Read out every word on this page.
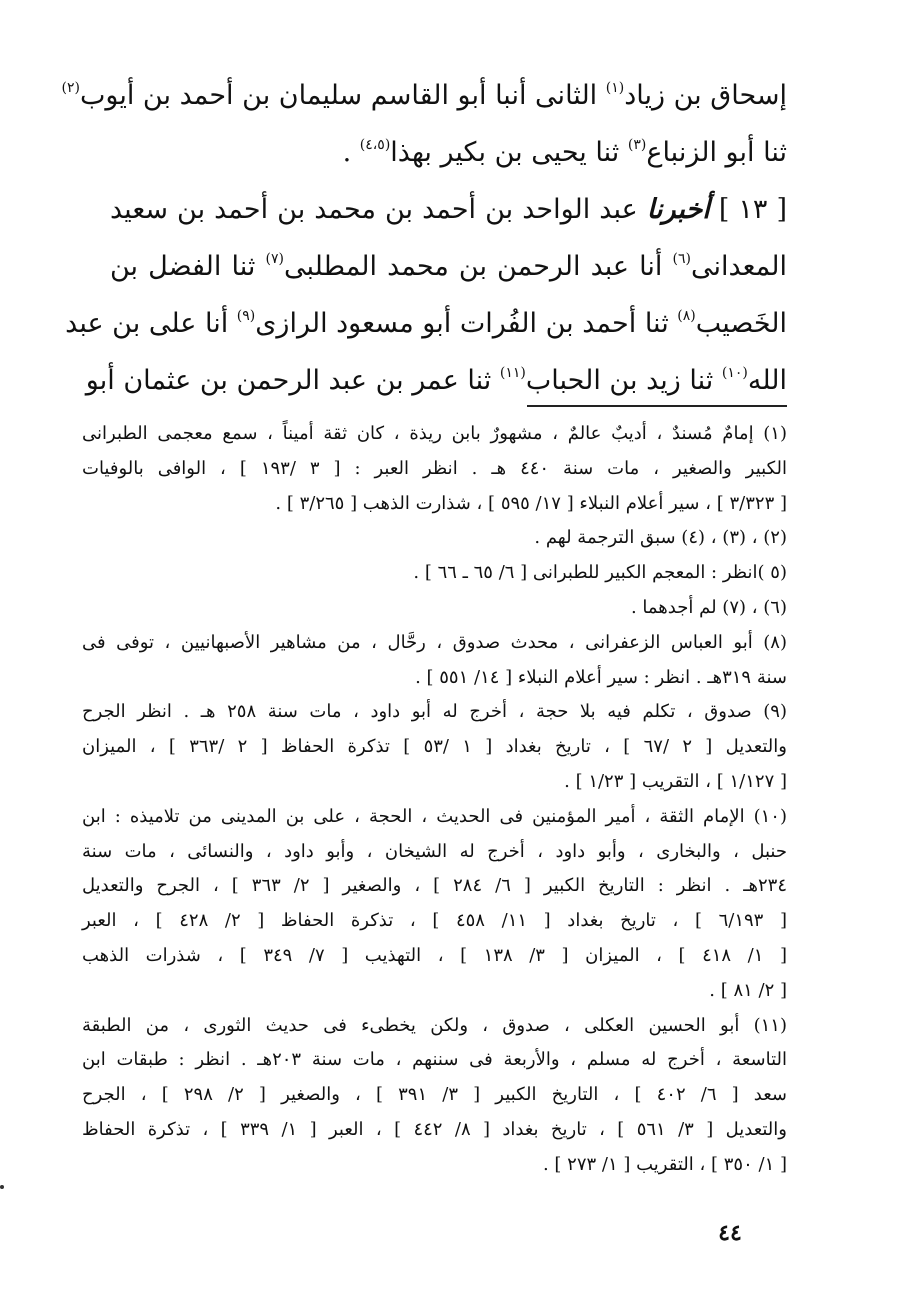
إسحاق بن زياد$^{(١)}$ الثانى أنبا أبو القاسم سليمان بن أحمد بن أيوب$^{(٢)}$
ثنا أبو الزنباع$^{(٣)}$ ثنا يحيى بن بكير بهذا$^{(٤،٥)}$ .
[ ١٣ ] أخبرنا عبد الواحد بن أحمد بن محمد بن أحمد بن سعيد
المعدانى$^{(٦)}$ أنا عبد الرحمن بن محمد المطلبى$^{(٧)}$ ثنا الفضل بن
الخَصيب$^{(٨)}$ ثنا أحمد بن الفُرات أبو مسعود الرازى$^{(٩)}$ أنا على بن عبد
الله$^{(١٠)}$ ثنا زيد بن الحباب$^{(١١)}$ ثنا عمر بن عبد الرحمن بن عثمان أبو
(١) إمامٌ مُسندٌ ، أديبٌ عالمٌ ، مشهورٌ بابن ريذة ، كان ثقة أميناً ، سمع معجمى الطبرانى
الكبير والصغير ، مات سنة ٤٤٠ هـ . انظر العبر : [ ٣ /١٩٣ ] ، الوافى بالوفيات
[ ٣/٣٢٣ ] ، سير أعلام النبلاء [ ١٧/ ٥٩٥ ] ، شذارت الذهب [ ٣/٢٦٥ ] .
(٢) ، (٣) ، (٤) سبق الترجمة لهم .
(٥ )انظر : المعجم الكبير للطبرانى [ ٦/ ٦٥ ـ ٦٦ ] .
(٦) ، (٧) لم أجدهما .
(٨) أبو العباس الزعفرانى ، محدث صدوق ، رحَّال ، من مشاهير الأصبهانيين ، توفى فى
سنة ٣١٩هـ . انظر : سير أعلام النبلاء [ ١٤/ ٥٥١ ] .
(٩) صدوق ، تكلم فيه بلا حجة ، أخرج له أبو داود ، مات سنة ٢٥٨ هـ . انظر الجرح
والتعديل [ ٢ /٦٧ ] ، تاريخ بغداد [ ١ /٥٣ ] تذكرة الحفاظ [ ٢ /٣٦٣ ] ، الميزان
[ ١/١٢٧ ] ، التقريب [ ١/٢٣ ] .
(١٠) الإمام الثقة ، أمير المؤمنين فى الحديث ، الحجة ، على بن المدينى من تلاميذه : ابن
حنبل ، والبخارى ، وأبو داود ، أخرج له الشيخان ، وأبو داود ، والنسائى ، مات سنة
٢٣٤هـ . انظر : التاريخ الكبير [ ٦/ ٢٨٤ ] ، والصغير [ ٢/ ٣٦٣ ] ، الجرح والتعديل
[ ٦/١٩٣ ] ، تاريخ بغداد [ ١١/ ٤٥٨ ] ، تذكرة الحفاظ [ ٢/ ٤٢٨ ] ، العبر
[ ١/ ٤١٨ ] ، الميزان [ ٣/ ١٣٨ ] ، التهذيب [ ٧/ ٣٤٩ ] ، شذرات الذهب
[ ٢/ ٨١ ] .
(١١) أبو الحسين العكلى ، صدوق ، ولكن يخطىء فى حديث الثورى ، من الطبقة
التاسعة ، أخرج له مسلم ، والأربعة فى سننهم ، مات سنة ٢٠٣هـ . انظر : طبقات ابن
سعد [ ٦/ ٤٠٢ ] ، التاريخ الكبير [ ٣/ ٣٩١ ] ، والصغير [ ٢/ ٢٩٨ ] ، الجرح
والتعديل [ ٣/ ٥٦١ ] ، تاريخ بغداد [ ٨/ ٤٤٢ ] ، العبر [ ١/ ٣٣٩ ] ، تذكرة الحفاظ
[ ١/ ٣٥٠ ] ، التقريب [ ١/ ٢٧٣ ] .
٤٤
